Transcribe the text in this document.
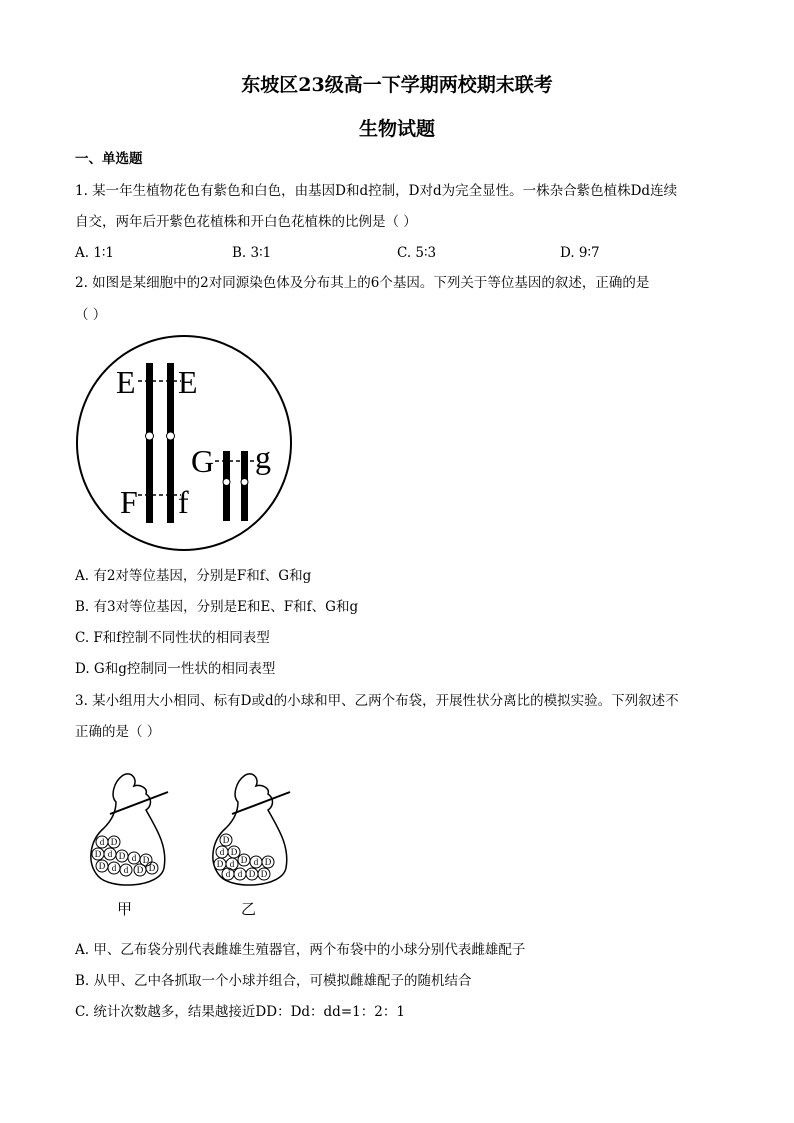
东坡区23级高一下学期两校期末联考
生物试题
一、单选题
1. 某一年生植物花色有紫色和白色，由基因D和d控制，D对d为完全显性。一株杂合紫色植株Dd连续
自交，两年后开紫色花植株和开白色花植株的比例是（ ）
A. 1∶1	B. 3∶1	C. 5∶3	D. 9∶7
2. 如图是某细胞中的2对同源染色体及分布其上的6个基因。下列关于等位基因的叙述，正确的是
（ ）
E E
F f
G g
A. 有2对等位基因，分别是F和f、G和g
B. 有3对等位基因，分别是E和E、F和f、G和g
C. F和f控制不同性状的相同表型
D. G和g控制同一性状的相同表型
3. 某小组用大小相同、标有D或d的小球和甲、乙两个布袋，开展性状分离比的模拟实验。下列叙述不
正确的是（ ）
d D
D d D d D
D d d D D
甲
D
d D
D d D d D
d d D D
乙
A. 甲、乙布袋分别代表雌雄生殖器官，两个布袋中的小球分别代表雌雄配子
B. 从甲、乙中各抓取一个小球并组合，可模拟雌雄配子的随机结合
C. 统计次数越多，结果越接近DD：Dd：dd=1：2：1
